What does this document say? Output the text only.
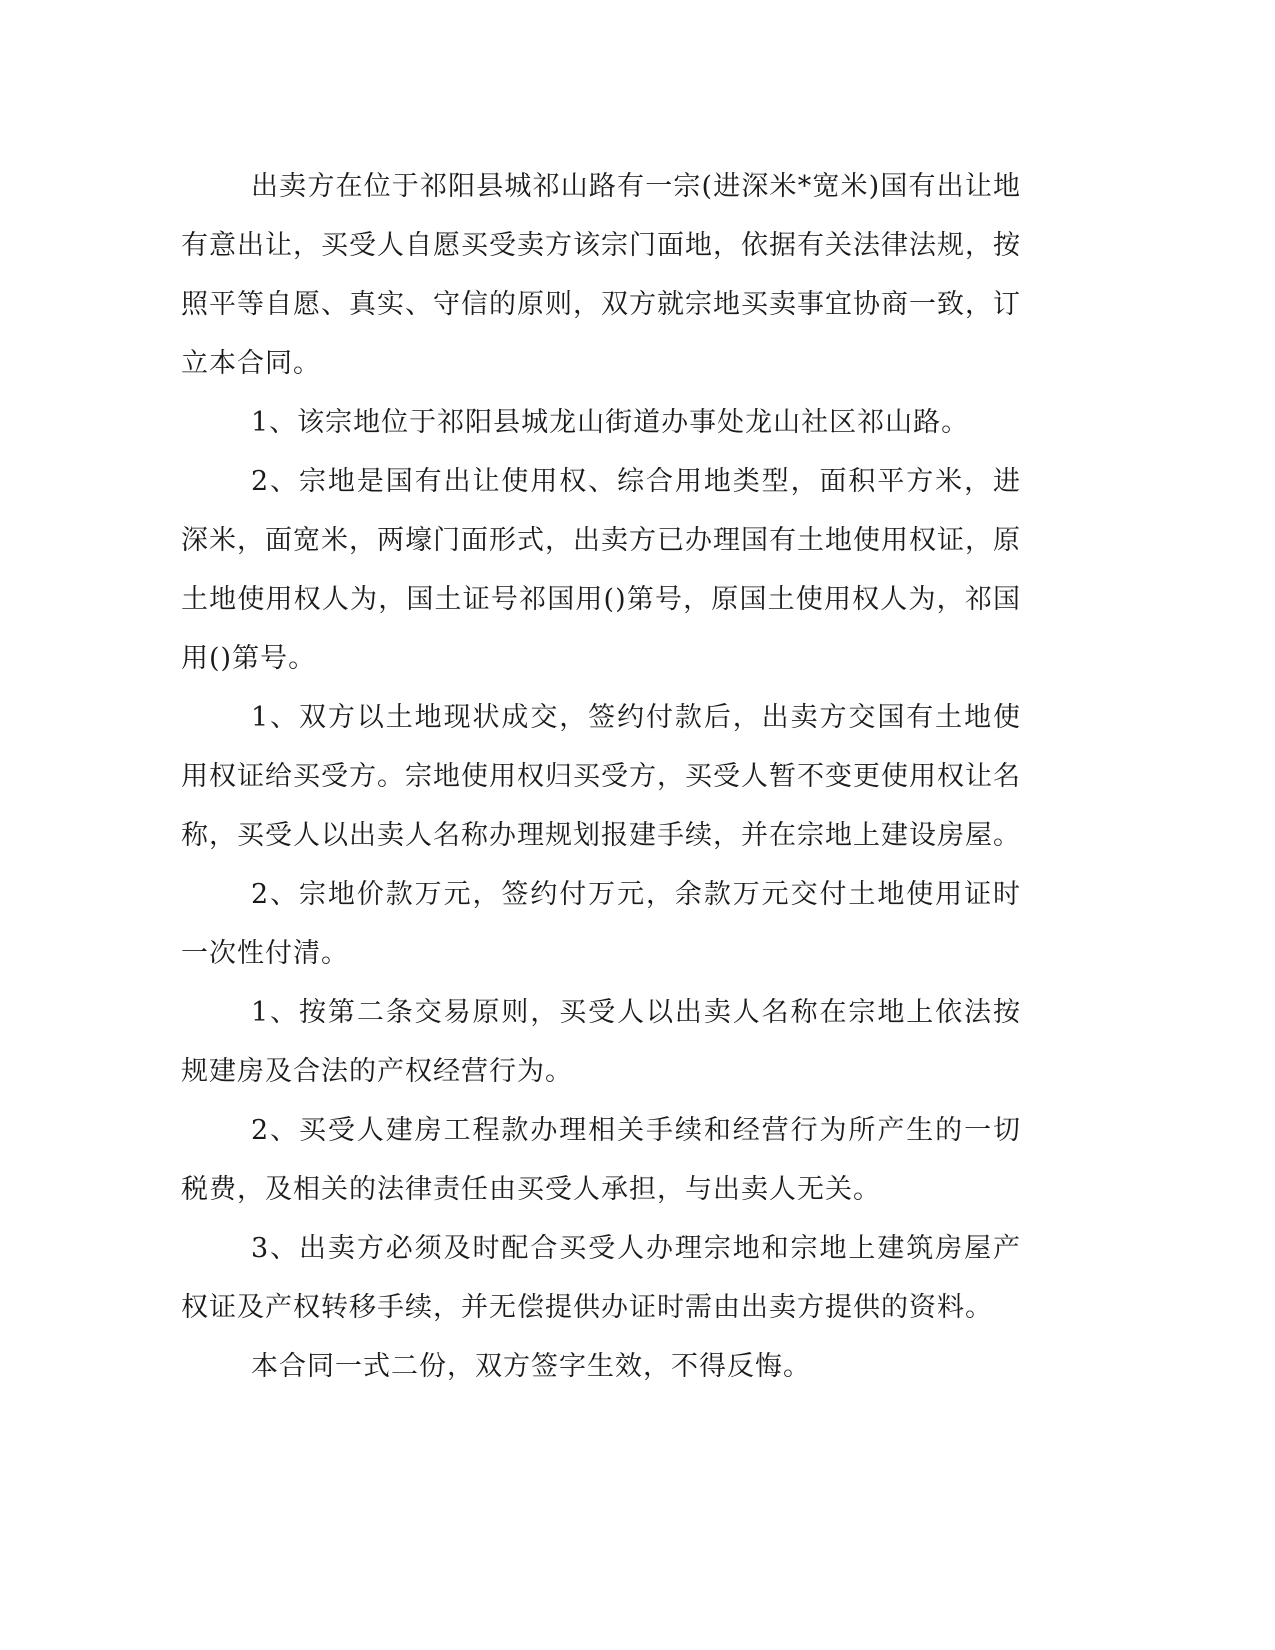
出卖方在位于祁阳县城祁山路有一宗(进深米*宽米)国有出让地有意出让，买受人自愿买受卖方该宗门面地，依据有关法律法规，按照平等自愿、真实、守信的原则，双方就宗地买卖事宜协商一致，订立本合同。

1、该宗地位于祁阳县城龙山街道办事处龙山社区祁山路。

2、宗地是国有出让使用权、综合用地类型，面积平方米，进深米，面宽米，两壕门面形式，出卖方已办理国有土地使用权证，原土地使用权人为，国土证号祁国用()第号，原国土使用权人为，祁国用()第号。

1、双方以土地现状成交，签约付款后，出卖方交国有土地使用权证给买受方。宗地使用权归买受方，买受人暂不变更使用权让名称，买受人以出卖人名称办理规划报建手续，并在宗地上建设房屋。

2、宗地价款万元，签约付万元，余款万元交付土地使用证时一次性付清。

1、按第二条交易原则，买受人以出卖人名称在宗地上依法按规建房及合法的产权经营行为。

2、买受人建房工程款办理相关手续和经营行为所产生的一切税费，及相关的法律责任由买受人承担，与出卖人无关。

3、出卖方必须及时配合买受人办理宗地和宗地上建筑房屋产权证及产权转移手续，并无偿提供办证时需由出卖方提供的资料。

本合同一式二份，双方签字生效，不得反悔。
